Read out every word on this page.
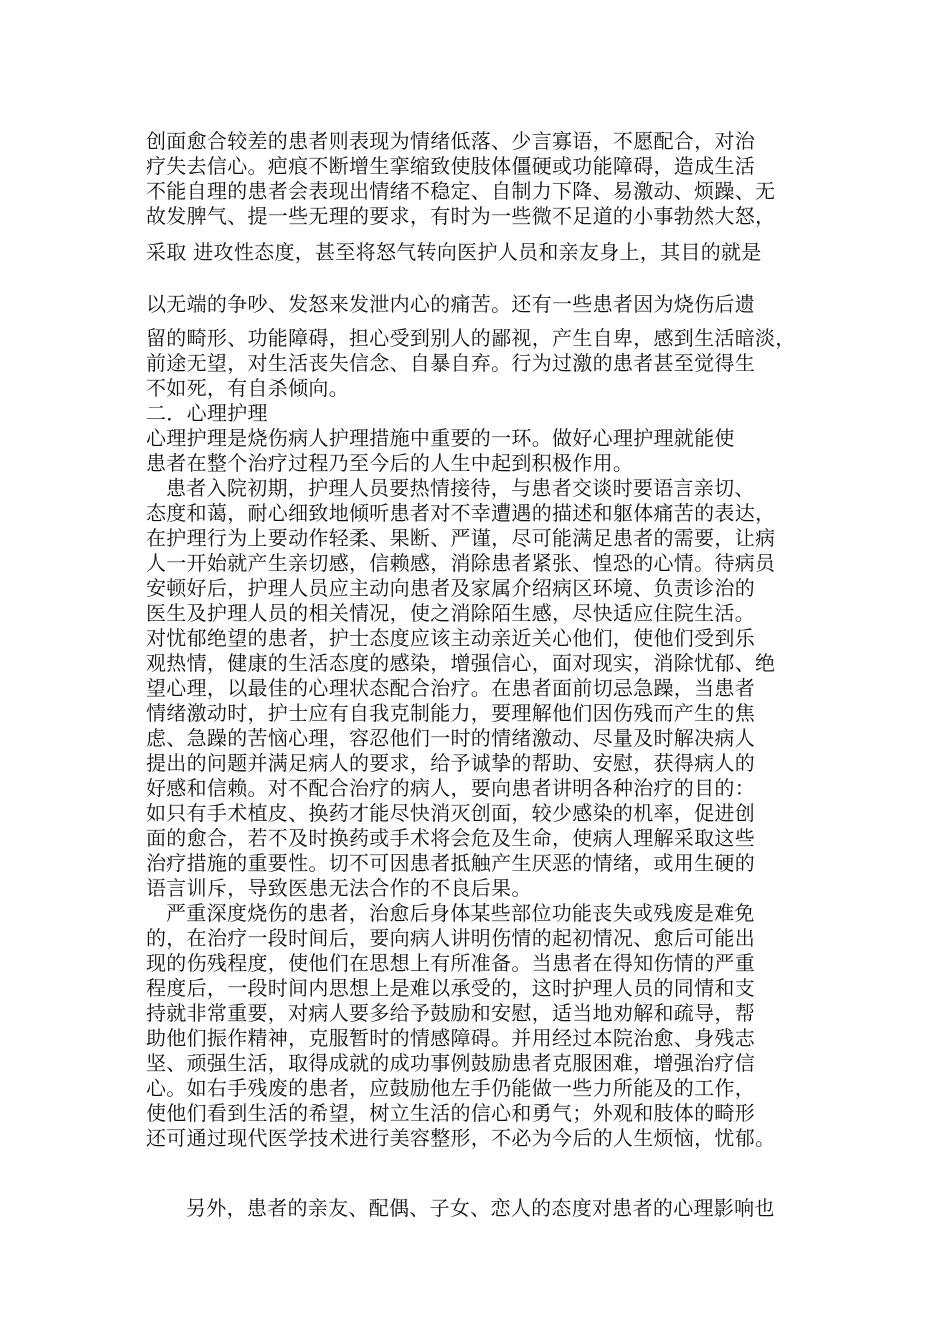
创面愈合较差的患者则表现为情绪低落、少言寡语，不愿配合，对治
疗失去信心。疤痕不断增生挛缩致使肢体僵硬或功能障碍，造成生活
不能自理的患者会表现出情绪不稳定、自制力下降、易激动、烦躁、无
故发脾气、提一些无理的要求，有时为一些微不足道的小事勃然大怒，
采取 进攻性态度，甚至将怒气转向医护人员和亲友身上，其目的就是
以无端的争吵、发怒来发泄内心的痛苦。还有一些患者因为烧伤后遗
留的畸形、功能障碍，担心受到别人的鄙视，产生自卑，感到生活暗淡，
前途无望，对生活丧失信念、自暴自弃。行为过激的患者甚至觉得生
不如死，有自杀倾向。
二．心理护理
心理护理是烧伤病人护理措施中重要的一环。做好心理护理就能使
患者在整个治疗过程乃至今后的人生中起到积极作用。
患者入院初期，护理人员要热情接待，与患者交谈时要语言亲切、
态度和蔼，耐心细致地倾听患者对不幸遭遇的描述和躯体痛苦的表达，
在护理行为上要动作轻柔、果断、严谨，尽可能满足患者的需要，让病
人一开始就产生亲切感，信赖感，消除患者紧张、惶恐的心情。待病员
安顿好后，护理人员应主动向患者及家属介绍病区环境、负责诊治的
医生及护理人员的相关情况，使之消除陌生感，尽快适应住院生活。
对忧郁绝望的患者，护士态度应该主动亲近关心他们，使他们受到乐
观热情，健康的生活态度的感染，增强信心，面对现实，消除忧郁、绝
望心理，以最佳的心理状态配合治疗。在患者面前切忌急躁，当患者
情绪激动时，护士应有自我克制能力，要理解他们因伤残而产生的焦
虑、急躁的苦恼心理，容忍他们一时的情绪激动、尽量及时解决病人
提出的问题并满足病人的要求，给予诚挚的帮助、安慰，获得病人的
好感和信赖。对不配合治疗的病人，要向患者讲明各种治疗的目的：
如只有手术植皮、换药才能尽快消灭创面，较少感染的机率，促进创
面的愈合，若不及时换药或手术将会危及生命，使病人理解采取这些
治疗措施的重要性。切不可因患者抵触产生厌恶的情绪，或用生硬的
语言训斥，导致医患无法合作的不良后果。
严重深度烧伤的患者，治愈后身体某些部位功能丧失或残废是难免
的，在治疗一段时间后，要向病人讲明伤情的起初情况、愈后可能出
现的伤残程度，使他们在思想上有所准备。当患者在得知伤情的严重
程度后，一段时间内思想上是难以承受的，这时护理人员的同情和支
持就非常重要，对病人要多给予鼓励和安慰，适当地劝解和疏导，帮
助他们振作精神，克服暂时的情感障碍。并用经过本院治愈、身残志
坚、顽强生活，取得成就的成功事例鼓励患者克服困难，增强治疗信
心。如右手残废的患者，应鼓励他左手仍能做一些力所能及的工作，
使他们看到生活的希望，树立生活的信心和勇气；外观和肢体的畸形
还可通过现代医学技术进行美容整形，不必为今后的人生烦恼，忧郁。
另外，患者的亲友、配偶、子女、恋人的态度对患者的心理影响也
